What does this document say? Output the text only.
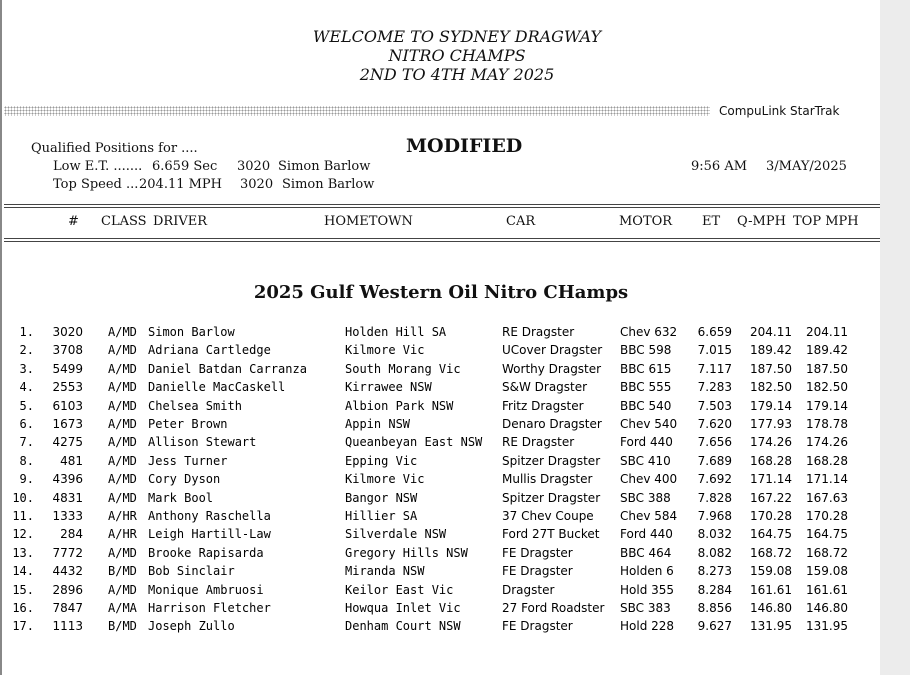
WELCOME TO SYDNEY DRAGWAY
NITRO CHAMPS
2ND TO 4TH MAY 2025
CompuLink StarTrak
Qualified Positions for ....	MODIFIED
Low E.T. ....... 6.659 Sec 3020 Simon Barlow
Top Speed ... 204.11 MPH 3020 Simon Barlow
9:56 AM 3/MAY/2025
# CLASS DRIVER	HOMETOWN	CAR	MOTOR ET Q-MPH TOP MPH
2025 Gulf Western Oil Nitro CHamps
1.	3020 A/MD Simon Barlow	Holden Hill SA	RE Dragster	Chev 632	6.659	204.11	204.11
2.	3708 A/MD Adriana Cartledge	Kilmore Vic	UCover Dragster	BBC 598	7.015	189.42	189.42
3.	5499 A/MD Daniel Batdan Carranza	South Morang Vic	Worthy Dragster	BBC 615	7.117	187.50	187.50
4.	2553 A/MD Danielle MacCaskell	Kirrawee NSW	S&W Dragster	BBC 555	7.283	182.50	182.50
5.	6103 A/MD Chelsea Smith	Albion Park NSW	Fritz Dragster	BBC 540	7.503	179.14	179.14
6.	1673 A/MD Peter Brown	Appin NSW	Denaro Dragster	Chev 540	7.620	177.93	178.78
7.	4275 A/MD Allison Stewart	Queanbeyan East NSW	RE Dragster	Ford 440	7.656	174.26	174.26
8.	481 A/MD Jess Turner	Epping Vic	Spitzer Dragster	SBC 410	7.689	168.28	168.28
9.	4396 A/MD Cory Dyson	Kilmore Vic	Mullis Dragster	Chev 400	7.692	171.14	171.14
10.	4831 A/MD Mark Bool	Bangor NSW	Spitzer Dragster	SBC 388	7.828	167.22	167.63
11.	1333 A/HR Anthony Raschella	Hillier SA	37 Chev Coupe	Chev 584	7.968	170.28	170.28
12.	284 A/HR Leigh Hartill-Law	Silverdale NSW	Ford 27T Bucket	Ford 440	8.032	164.75	164.75
13.	7772 A/MD Brooke Rapisarda	Gregory Hills NSW	FE Dragster	BBC 464	8.082	168.72	168.72
14.	4432 B/MD Bob Sinclair	Miranda NSW	FE Dragster	Holden 6	8.273	159.08	159.08
15.	2896 A/MD Monique Ambruosi	Keilor East Vic	Dragster	Hold 355	8.284	161.61	161.61
16.	7847 A/MA Harrison Fletcher	Howqua Inlet Vic	27 Ford Roadster	SBC 383	8.856	146.80	146.80
17.	1113 B/MD Joseph Zullo	Denham Court NSW	FE Dragster	Hold 228	9.627	131.95	131.95
